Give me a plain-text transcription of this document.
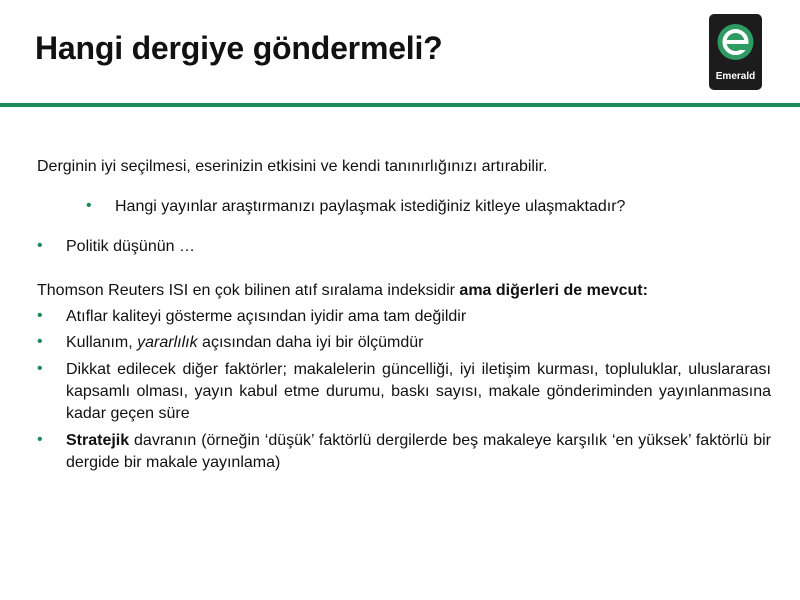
Hangi dergiye göndermeli?
Emerald

Derginin iyi seçilmesi, eserinizin etkisini ve kendi tanınırlığınızı artırabilir.

• Hangi yayınlar araştırmanızı paylaşmak istediğiniz kitleye ulaşmaktadır?
• Politik düşünün …

Thomson Reuters ISI en çok bilinen atıf sıralama indeksidir ama diğerleri de mevcut:

• Atıflar kaliteyi gösterme açısından iyidir ama tam değildir
• Kullanım, yararlılık açısından daha iyi bir ölçümdür
• Dikkat edilecek diğer faktörler; makalelerin güncelliği, iyi iletişim kurması, topluluklar, uluslararası kapsamlı olması, yayın kabul etme durumu, baskı sayısı, makale gönderiminden yayınlanmasına kadar geçen süre
• Stratejik davranın (örneğin ‘düşük’ faktörlü dergilerde beş makaleye karşılık ‘en yüksek’ faktörlü bir dergide bir makale yayınlama)
